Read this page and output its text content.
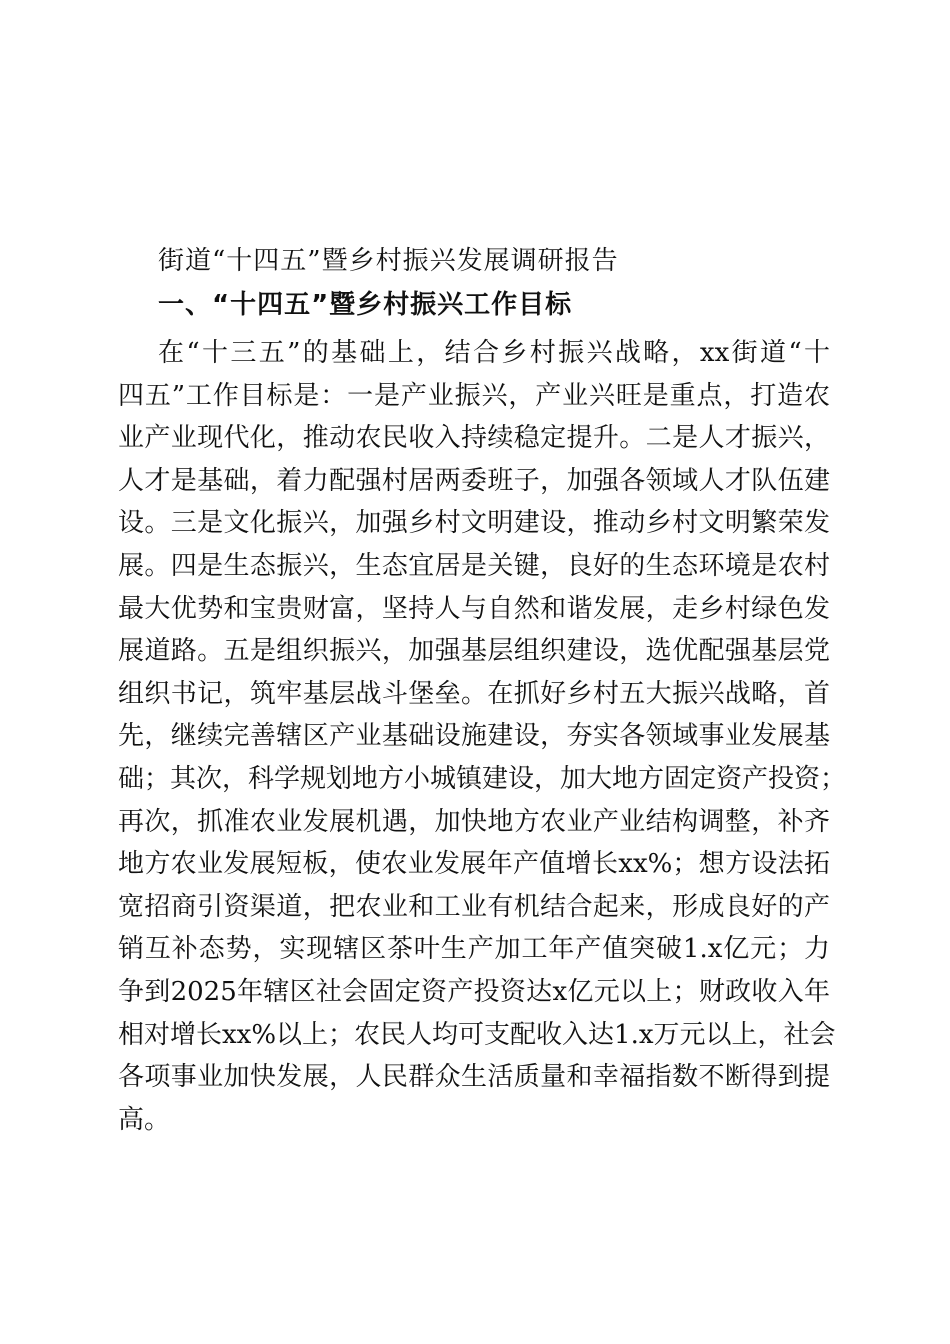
街道“十四五”暨乡村振兴发展调研报告
一、“十四五”暨乡村振兴工作目标
在“十三五”的基础上，结合乡村振兴战略，xx街道“十
四五”工作目标是：一是产业振兴，产业兴旺是重点，打造农
业产业现代化，推动农民收入持续稳定提升。二是人才振兴，
人才是基础，着力配强村居两委班子，加强各领域人才队伍建
设。三是文化振兴，加强乡村文明建设，推动乡村文明繁荣发
展。四是生态振兴，生态宜居是关键，良好的生态环境是农村
最大优势和宝贵财富，坚持人与自然和谐发展，走乡村绿色发
展道路。五是组织振兴，加强基层组织建设，选优配强基层党
组织书记，筑牢基层战斗堡垒。在抓好乡村五大振兴战略，首
先，继续完善辖区产业基础设施建设，夯实各领域事业发展基
础；其次，科学规划地方小城镇建设，加大地方固定资产投资；
再次，抓准农业发展机遇，加快地方农业产业结构调整，补齐
地方农业发展短板，使农业发展年产值增长xx%；想方设法拓
宽招商引资渠道，把农业和工业有机结合起来，形成良好的产
销互补态势，实现辖区茶叶生产加工年产值突破1.x亿元；力
争到2025年辖区社会固定资产投资达x亿元以上；财政收入年
相对增长xx%以上；农民人均可支配收入达1.x万元以上，社会
各项事业加快发展，人民群众生活质量和幸福指数不断得到提
高。
